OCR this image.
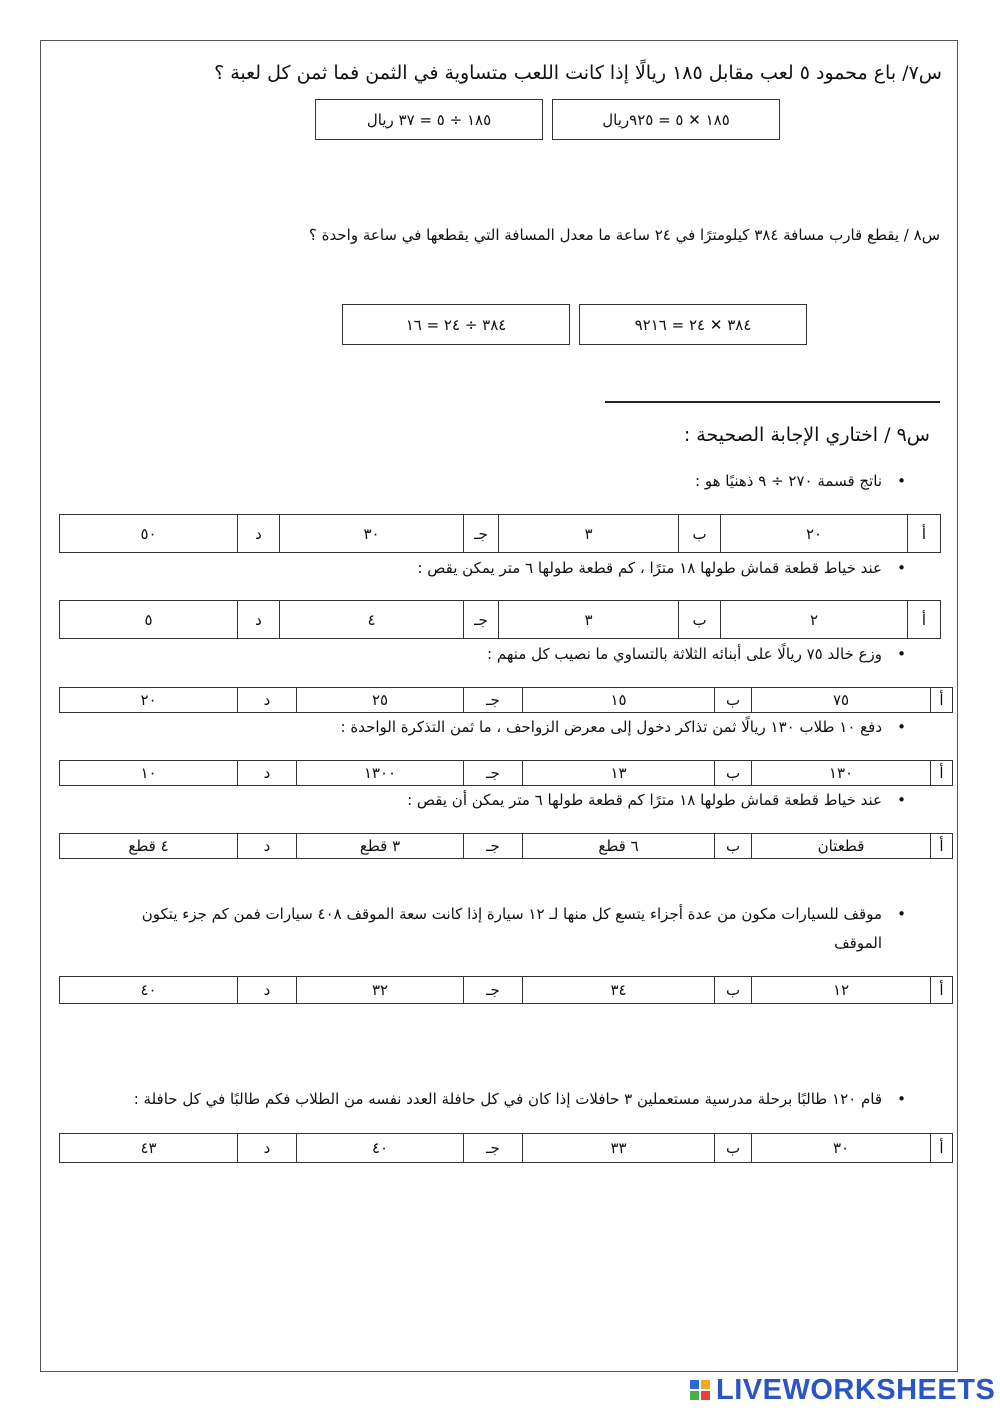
س٧/ باع محمود ٥ لعب مقابل ١٨٥ ريالًا إذا كانت اللعب متساوية في الثمن فما ثمن كل لعبة ؟
١٨٥ ✕ ٥ = ٩٢٥ريال
١٨٥ ÷ ٥ = ٣٧ ريال
س٨ / يقطع قارب مسافة ٣٨٤ كيلومترًا في ٢٤ ساعة ما معدل المسافة التي يقطعها في ساعة واحدة ؟
٣٨٤ ✕ ٢٤ = ٩٢١٦
٣٨٤ ÷ ٢٤ = ١٦
س٩ / اختاري الإجابة الصحيحة :
•
ناتج قسمة ٢٧٠ ÷ ٩ ذهنيًا هو :
٥٠	د	٣٠	جـ	٣	ب	٢٠	أ
•
عند خياط قطعة قماش طولها ١٨ مترًا ، كم قطعة طولها ٦ متر يمكن يقص :
٥	د	٤	جـ	٣	ب	٢	أ
•
وزع خالد ٧٥ ريالًا على أبنائه الثلاثة بالتساوي ما نصيب كل منهم :
٢٠	د	٢٥	جـ	١٥	ب	٧٥	أ
•
دفع ١٠ طلاب ١٣٠ ريالًا ثمن تذاكر دخول إلى معرض الزواحف ، ما ثمن التذكرة الواحدة :
١٠	د	١٣٠٠	جـ	١٣	ب	١٣٠	أ
•
عند خياط قطعة قماش طولها ١٨ مترًا كم قطعة طولها ٦ متر يمكن أن يقص :
٤ قطع	د	٣ قطع	جـ	٦ قطع	ب	قطعتان	أ
•
موقف للسيارات مكون من عدة أجزاء يتسع كل منها لـ ١٢ سيارة إذا كانت سعة الموقف ٤٠٨ سيارات فمن كم جزء يتكون الموقف
٤٠	د	٣٢	جـ	٣٤	ب	١٢	أ
•
قام ١٢٠ طالبًا برحلة مدرسية مستعملين ٣ حافلات إذا كان في كل حافلة العدد نفسه من الطلاب فكم طالبًا في كل حافلة :
٤٣	د	٤٠	جـ	٣٣	ب	٣٠	أ
LIVEWORKSHEETS
